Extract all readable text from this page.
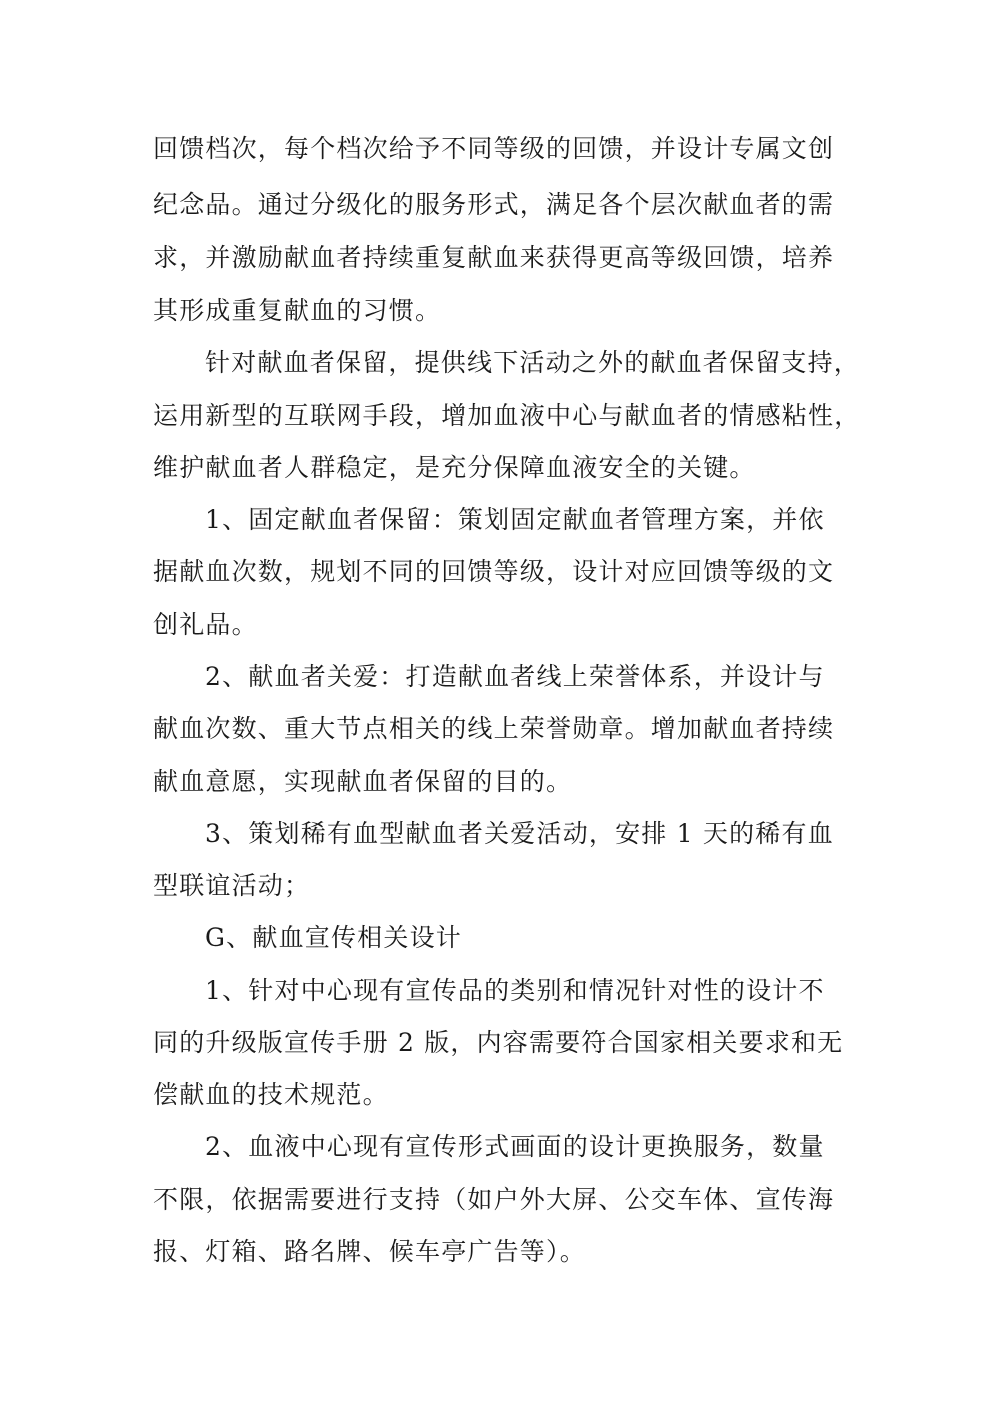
回馈档次，每个档次给予不同等级的回馈，并设计专属文创
纪念品。通过分级化的服务形式，满足各个层次献血者的需
求，并激励献血者持续重复献血来获得更高等级回馈，培养
其形成重复献血的习惯。
针对献血者保留，提供线下活动之外的献血者保留支持，
运用新型的互联网手段，增加血液中心与献血者的情感粘性，
维护献血者人群稳定，是充分保障血液安全的关键。
1、固定献血者保留：策划固定献血者管理方案，并依
据献血次数，规划不同的回馈等级，设计对应回馈等级的文
创礼品。
2、献血者关爱：打造献血者线上荣誉体系，并设计与
献血次数、重大节点相关的线上荣誉勋章。增加献血者持续
献血意愿，实现献血者保留的目的。
3、策划稀有血型献血者关爱活动，安排 1 天的稀有血
型联谊活动；
G、献血宣传相关设计
1、针对中心现有宣传品的类别和情况针对性的设计不
同的升级版宣传手册 2 版，内容需要符合国家相关要求和无
偿献血的技术规范。
2、血液中心现有宣传形式画面的设计更换服务，数量
不限，依据需要进行支持（如户外大屏、公交车体、宣传海
报、灯箱、路名牌、候车亭广告等）。
